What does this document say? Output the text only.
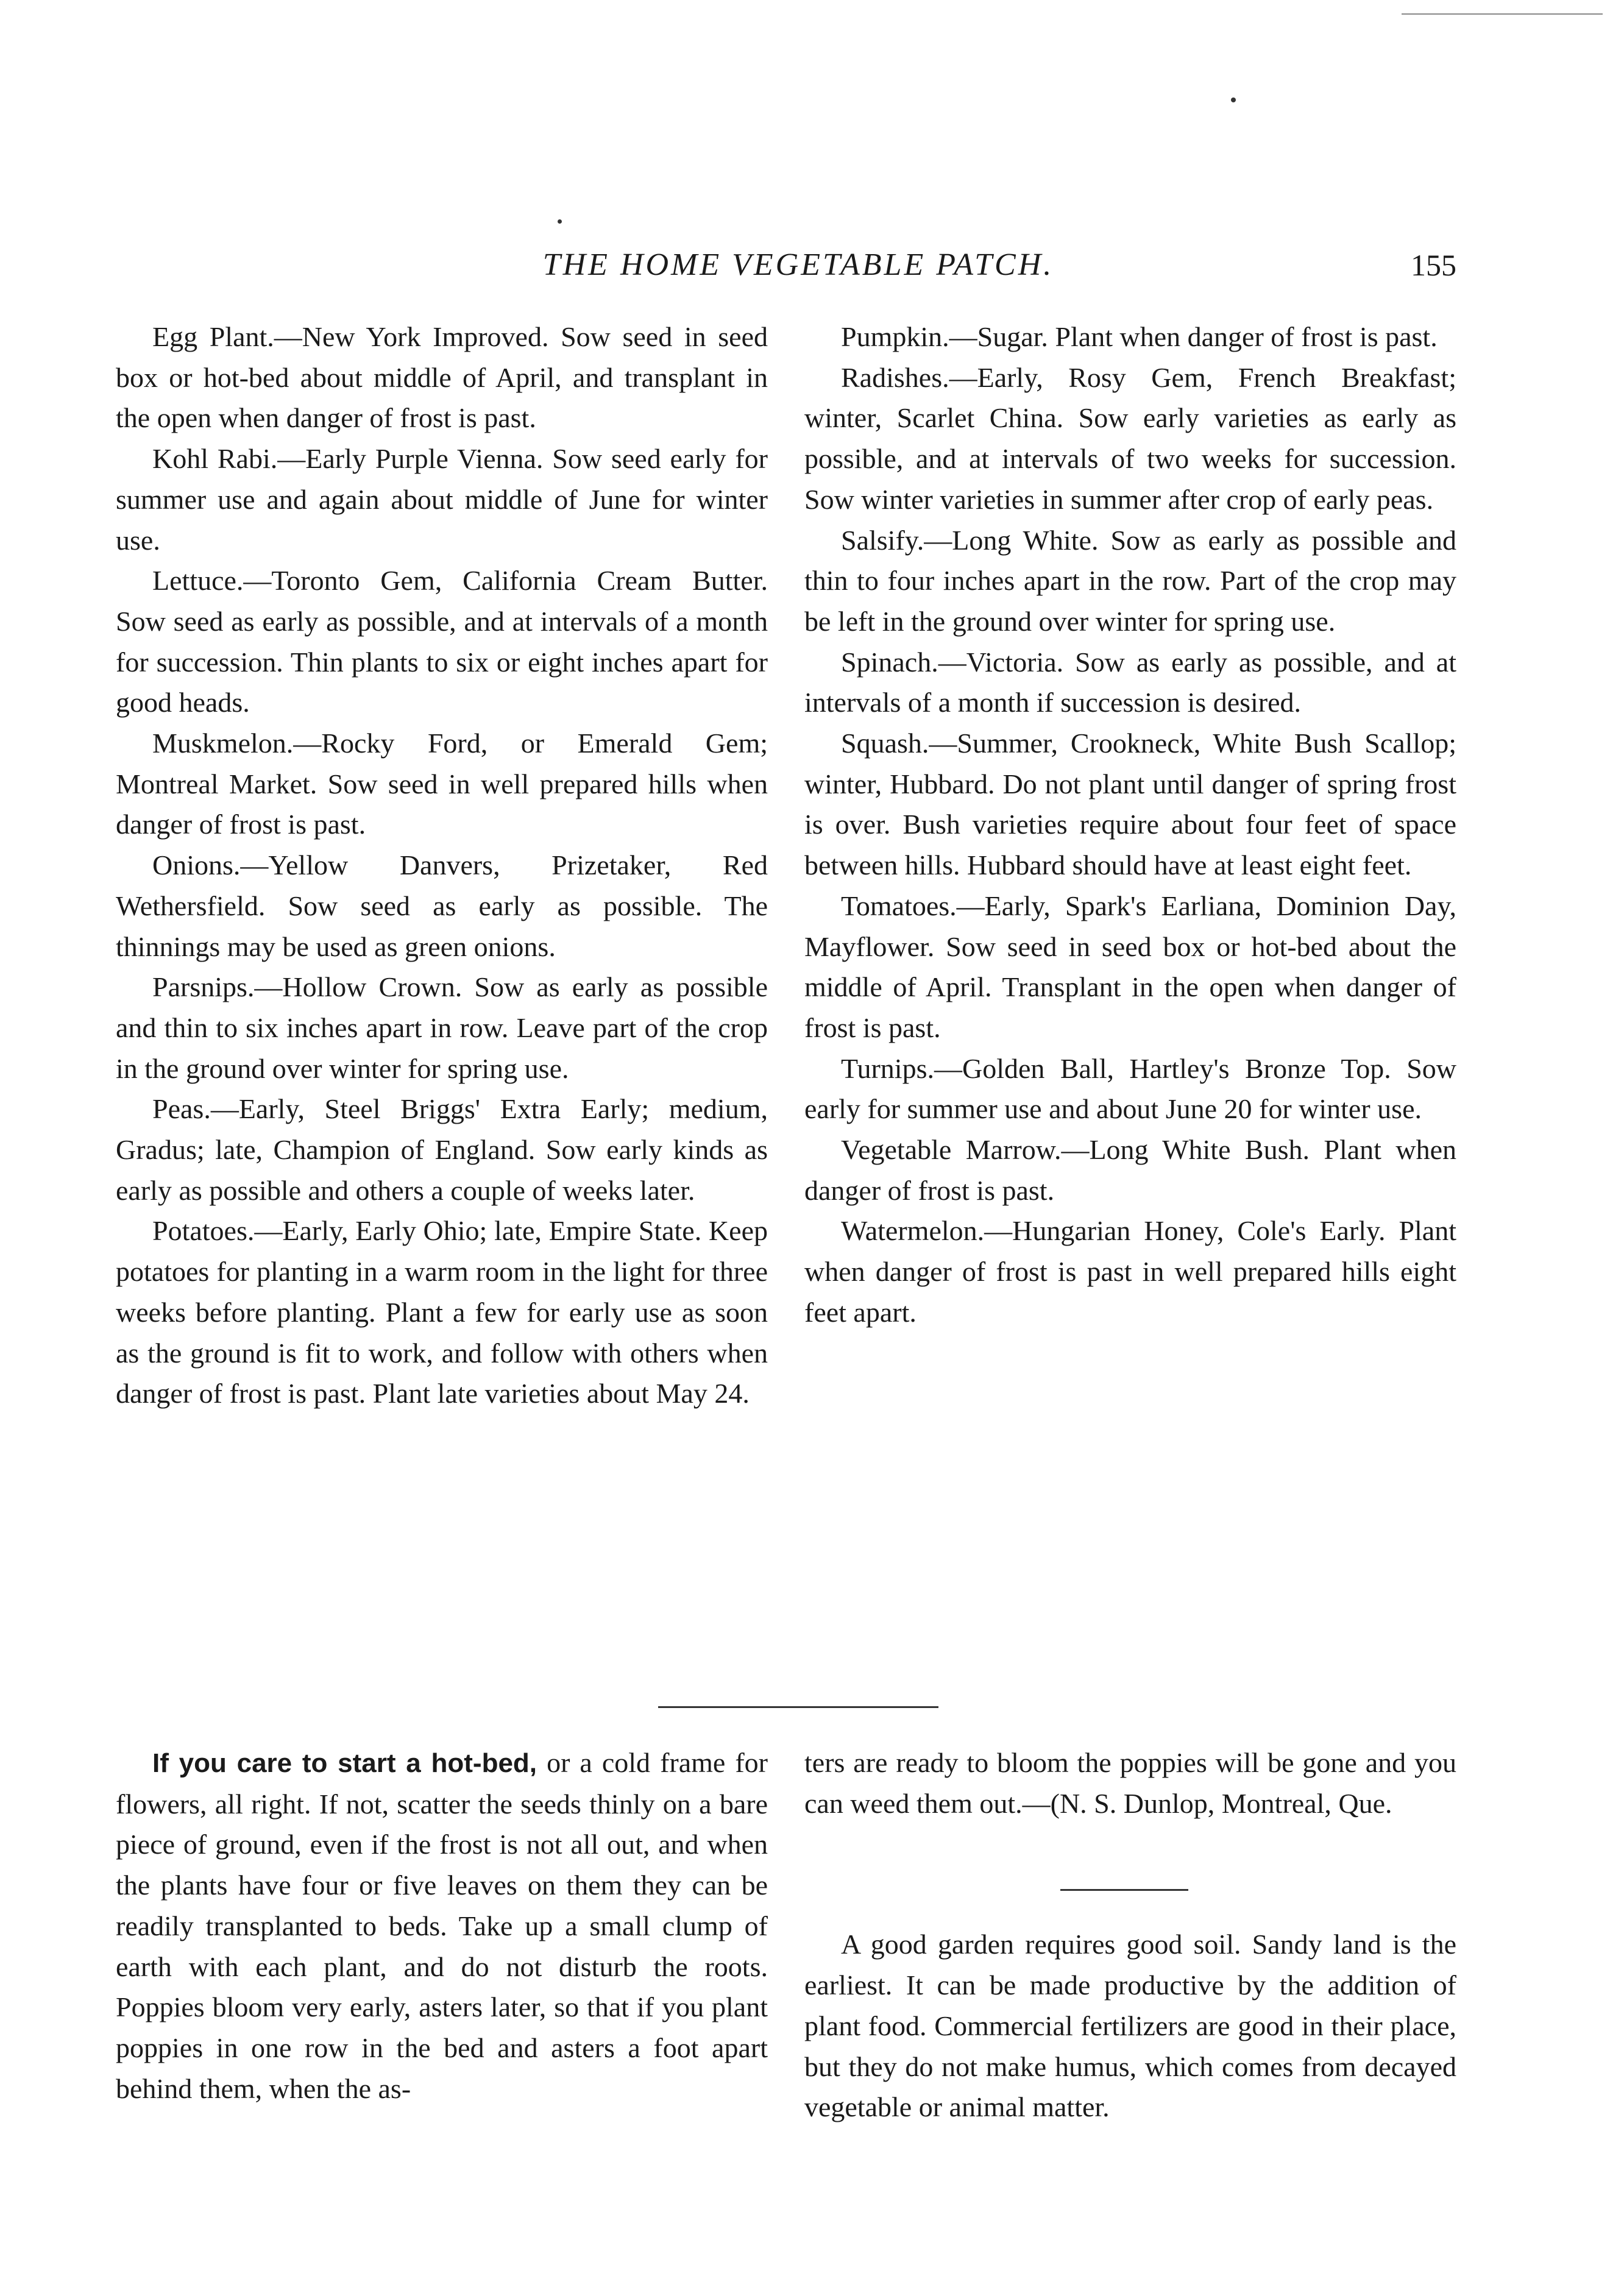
THE HOME VEGETABLE PATCH.	155

Egg Plant.—New York Improved. Sow seed in seed box or hot-bed about middle of April, and transplant in the open when danger of frost is past.

Kohl Rabi.—Early Purple Vienna. Sow seed early for summer use and again about middle of June for winter use.

Lettuce.—Toronto Gem, California Cream Butter. Sow seed as early as possible, and at intervals of a month for succession. Thin plants to six or eight inches apart for good heads.

Muskmelon.—Rocky Ford, or Emerald Gem; Montreal Market. Sow seed in well prepared hills when danger of frost is past.

Onions.—Yellow Danvers, Prizetaker, Red Wethersfield. Sow seed as early as possible. The thinnings may be used as green onions.

Parsnips.—Hollow Crown. Sow as early as possible and thin to six inches apart in row. Leave part of the crop in the ground over winter for spring use.

Peas.—Early, Steel Briggs' Extra Early; medium, Gradus; late, Champion of England. Sow early kinds as early as possible and others a couple of weeks later.

Potatoes.—Early, Early Ohio; late, Empire State. Keep potatoes for planting in a warm room in the light for three weeks before planting. Plant a few for early use as soon as the ground is fit to work, and follow with others when danger of frost is past. Plant late varieties about May 24.

Pumpkin.—Sugar. Plant when danger of frost is past.

Radishes.—Early, Rosy Gem, French Breakfast; winter, Scarlet China. Sow early varieties as early as possible, and at intervals of two weeks for succession. Sow winter varieties in summer after crop of early peas.

Salsify.—Long White. Sow as early as possible and thin to four inches apart in the row. Part of the crop may be left in the ground over winter for spring use.

Spinach.—Victoria. Sow as early as possible, and at intervals of a month if succession is desired.

Squash.—Summer, Crookneck, White Bush Scallop; winter, Hubbard. Do not plant until danger of spring frost is over. Bush varieties require about four feet of space between hills. Hubbard should have at least eight feet.

Tomatoes.—Early, Spark's Earliana, Dominion Day, Mayflower. Sow seed in seed box or hot-bed about the middle of April. Transplant in the open when danger of frost is past.

Turnips.—Golden Ball, Hartley's Bronze Top. Sow early for summer use and about June 20 for winter use.

Vegetable Marrow.—Long White Bush. Plant when danger of frost is past.

Watermelon.—Hungarian Honey, Cole's Early. Plant when danger of frost is past in well prepared hills eight feet apart.

If you care to start a hot-bed, or a cold frame for flowers, all right. If not, scatter the seeds thinly on a bare piece of ground, even if the frost is not all out, and when the plants have four or five leaves on them they can be readily transplanted to beds. Take up a small clump of earth with each plant, and do not disturb the roots. Poppies bloom very early, asters later, so that if you plant poppies in one row in the bed and asters a foot apart behind them, when the as-

ters are ready to bloom the poppies will be gone and you can weed them out.—(N. S. Dunlop, Montreal, Que.

A good garden requires good soil. Sandy land is the earliest. It can be made productive by the addition of plant food. Commercial fertilizers are good in their place, but they do not make humus, which comes from decayed vegetable or animal matter.
